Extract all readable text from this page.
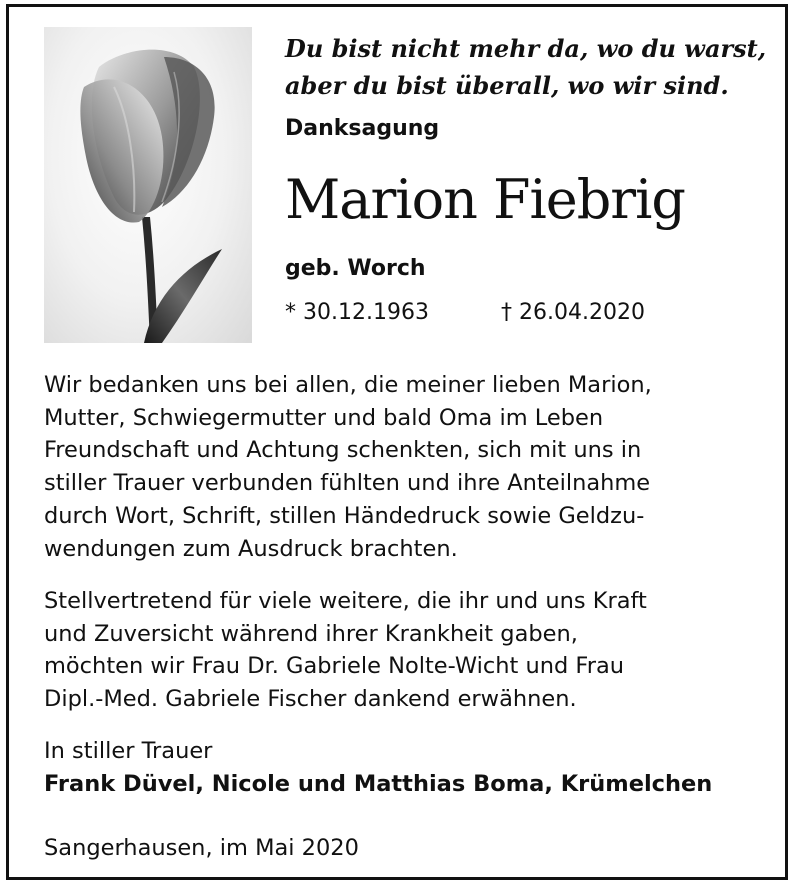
Du bist nicht mehr da, wo du warst,
aber du bist überall, wo wir sind.
Danksagung
Marion Fiebrig
geb. Worch
* 30.12.1963	† 26.04.2020
Wir bedanken uns bei allen, die meiner lieben Marion,
Mutter, Schwiegermutter und bald Oma im Leben
Freundschaft und Achtung schenkten, sich mit uns in
stiller Trauer verbunden fühlten und ihre Anteilnahme
durch Wort, Schrift, stillen Händedruck sowie Geldzu-
wendungen zum Ausdruck brachten.
Stellvertretend für viele weitere, die ihr und uns Kraft
und Zuversicht während ihrer Krankheit gaben,
möchten wir Frau Dr. Gabriele Nolte-Wicht und Frau
Dipl.-Med. Gabriele Fischer dankend erwähnen.
In stiller Trauer
Frank Düvel, Nicole und Matthias Boma, Krümelchen
Sangerhausen, im Mai 2020
